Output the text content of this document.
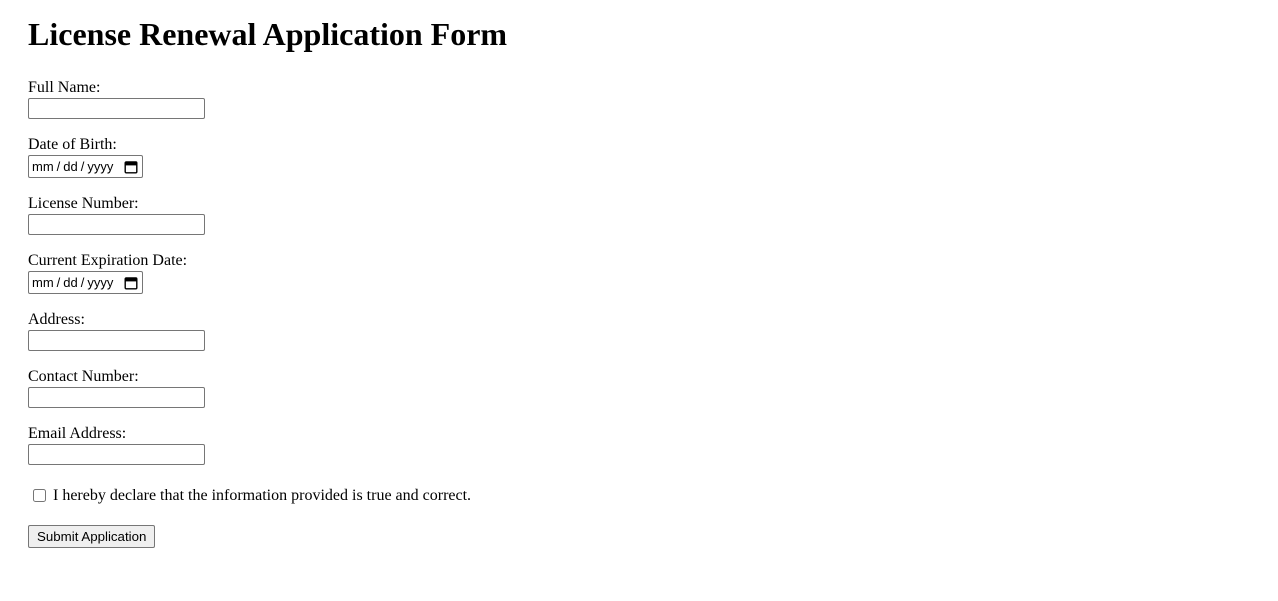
License Renewal Application Form
Full Name:
Date of Birth:
mm / dd / yyyy
License Number:
Current Expiration Date:
mm / dd / yyyy
Address:
Contact Number:
Email Address:
I hereby declare that the information provided is true and correct.
Submit Application
